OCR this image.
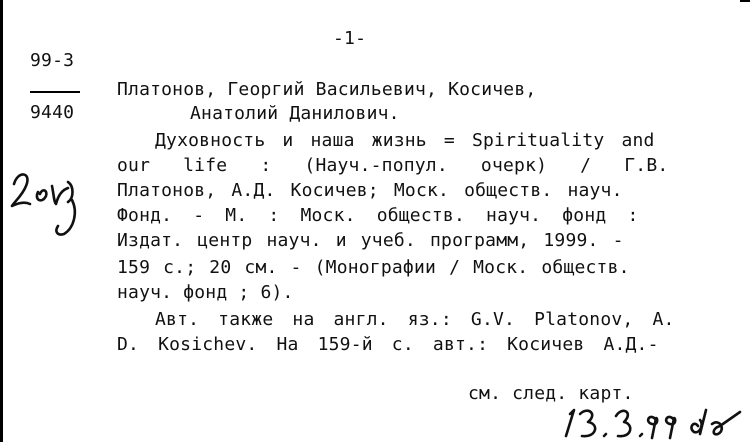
-1-
99-3
9440
Платонов, Георгий Васильевич, Косичев,
Анатолий Данилович.
Духовность и наша жизнь = Spirituality and
our life : (Науч.-попул. очерк) / Г.В.
Платонов, А.Д. Косичев; Моск. обществ. науч.
Фонд. - М. : Моск. обществ. науч. фонд :
Издат. центр науч. и учеб. программ, 1999. -
159 с.; 20 см. - (Монографии / Моск. обществ.
науч. фонд ; 6).
Авт. также на англ. яз.: G.V. Platonov, A.
D. Kosichev. На 159-й с. авт.: Косичев А.Д.-
см. след. карт.
